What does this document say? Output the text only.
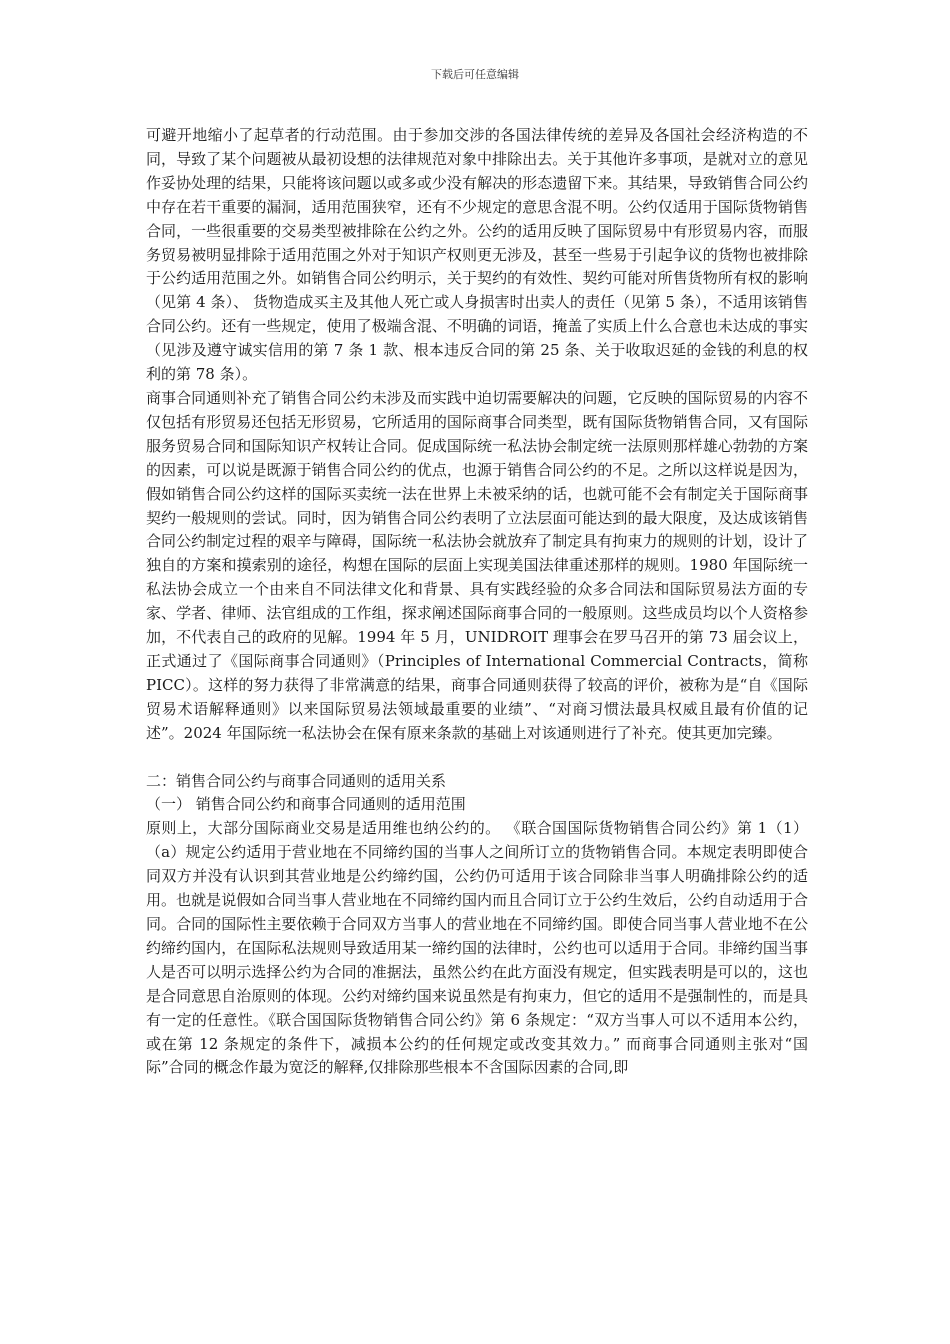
下载后可任意编辑

可避开地缩小了起草者的行动范围。由于参加交涉的各国法律传统的差异及各国社会经济构造的不同，导致了某个问题被从最初设想的法律规范对象中排除出去。关于其他许多事项，是就对立的意见作妥协处理的结果，只能将该问题以或多或少没有解决的形态遗留下来。其结果，导致销售合同公约中存在若干重要的漏洞，适用范围狭窄，还有不少规定的意思含混不明。公约仅适用于国际货物销售合同，一些很重要的交易类型被排除在公约之外。公约的适用反映了国际贸易中有形贸易内容，而服务贸易被明显排除于适用范围之外对于知识产权则更无涉及，甚至一些易于引起争议的货物也被排除于公约适用范围之外。如销售合同公约明示，关于契约的有效性、契约可能对所售货物所有权的影响（见第 4 条）、 货物造成买主及其他人死亡或人身损害时出卖人的责任（见第 5 条），不适用该销售合同公约。还有一些规定，使用了极端含混、不明确的词语，掩盖了实质上什么合意也未达成的事实（见涉及遵守诚实信用的第 7 条 1 款、根本违反合同的第 25 条、关于收取迟延的金钱的利息的权利的第 78 条）。

商事合同通则补充了销售合同公约未涉及而实践中迫切需要解决的问题，它反映的国际贸易的内容不仅包括有形贸易还包括无形贸易，它所适用的国际商事合同类型，既有国际货物销售合同，又有国际服务贸易合同和国际知识产权转让合同。促成国际统一私法协会制定统一法原则那样雄心勃勃的方案的因素，可以说是既源于销售合同公约的优点，也源于销售合同公约的不足。之所以这样说是因为，假如销售合同公约这样的国际买卖统一法在世界上未被采纳的话，也就可能不会有制定关于国际商事契约一般规则的尝试。同时，因为销售合同公约表明了立法层面可能达到的最大限度，及达成该销售合同公约制定过程的艰辛与障碍，国际统一私法协会就放弃了制定具有拘束力的规则的计划，设计了独自的方案和摸索别的途径，构想在国际的层面上实现美国法律重述那样的规则。1980 年国际统一私法协会成立一个由来自不同法律文化和背景、具有实践经验的众多合同法和国际贸易法方面的专家、学者、律师、法官组成的工作组，探求阐述国际商事合同的一般原则。这些成员均以个人资格参加，不代表自己的政府的见解。1994 年 5 月，UNIDROIT 理事会在罗马召开的第 73 届会议上，正式通过了《国际商事合同通则》（Principles of International Commercial Contracts，简称 PICC）。这样的努力获得了非常满意的结果，商事合同通则获得了较高的评价，被称为是“自《国际贸易术语解释通则》以来国际贸易法领域最重要的业绩”、“对商习惯法最具权威且最有价值的记述”。2024 年国际统一私法协会在保有原来条款的基础上对该通则进行了补充。使其更加完臻。

二：销售合同公约与商事合同通则的适用关系

（一） 销售合同公约和商事合同通则的适用范围

原则上，大部分国际商业交易是适用维也纳公约的。 《联合国国际货物销售合同公约》第 1（1）（a）规定公约适用于营业地在不同缔约国的当事人之间所订立的货物销售合同。本规定表明即使合同双方并没有认识到其营业地是公约缔约国，公约仍可适用于该合同除非当事人明确排除公约的适用。也就是说假如合同当事人营业地在不同缔约国内而且合同订立于公约生效后，公约自动适用于合同。合同的国际性主要依赖于合同双方当事人的营业地在不同缔约国。即使合同当事人营业地不在公约缔约国内，在国际私法规则导致适用某一缔约国的法律时，公约也可以适用于合同。非缔约国当事人是否可以明示选择公约为合同的准据法，虽然公约在此方面没有规定，但实践表明是可以的，这也是合同意思自治原则的体现。公约对缔约国来说虽然是有拘束力，但它的适用不是强制性的，而是具有一定的任意性。《联合国国际货物销售合同公约》第 6 条规定：“双方当事人可以不适用本公约，或在第 12 条规定的条件下，减损本公约的任何规定或改变其效力。” 而商事合同通则主张对“国际”合同的概念作最为宽泛的解释,仅排除那些根本不含国际因素的合同,即
